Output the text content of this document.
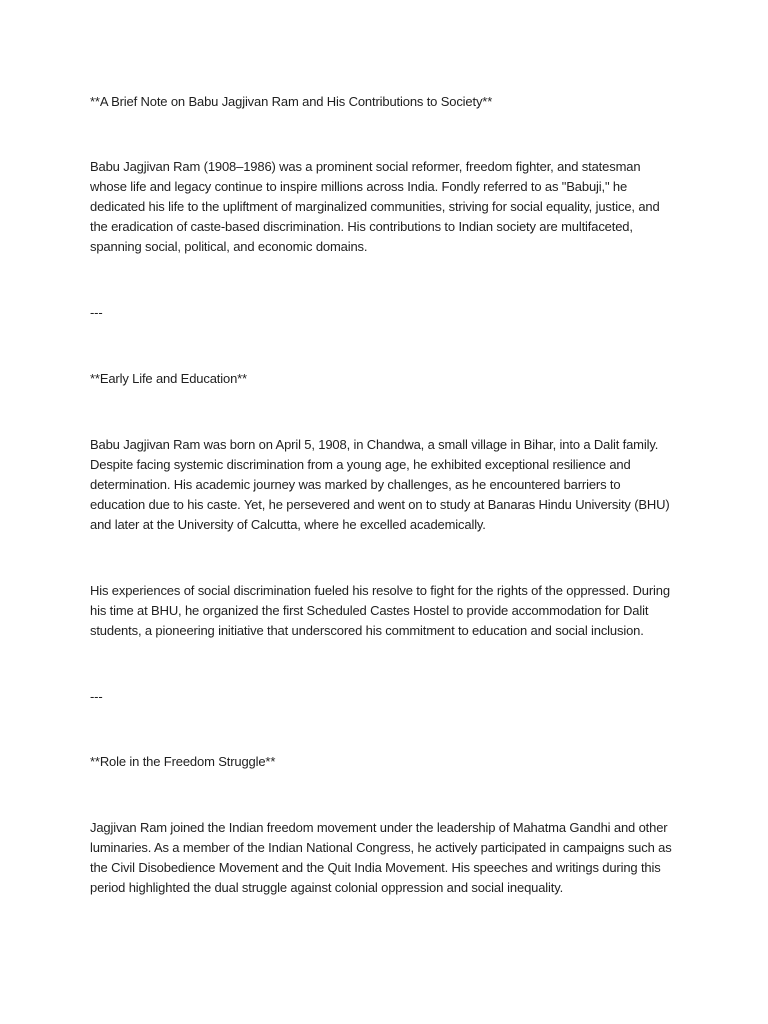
**A Brief Note on Babu Jagjivan Ram and His Contributions to Society**

Babu Jagjivan Ram (1908–1986) was a prominent social reformer, freedom fighter, and statesman
whose life and legacy continue to inspire millions across India. Fondly referred to as "Babuji," he
dedicated his life to the upliftment of marginalized communities, striving for social equality, justice, and
the eradication of caste-based discrimination. His contributions to Indian society are multifaceted,
spanning social, political, and economic domains.

---

**Early Life and Education**

Babu Jagjivan Ram was born on April 5, 1908, in Chandwa, a small village in Bihar, into a Dalit family.
Despite facing systemic discrimination from a young age, he exhibited exceptional resilience and
determination. His academic journey was marked by challenges, as he encountered barriers to
education due to his caste. Yet, he persevered and went on to study at Banaras Hindu University (BHU)
and later at the University of Calcutta, where he excelled academically.
His experiences of social discrimination fueled his resolve to fight for the rights of the oppressed. During
his time at BHU, he organized the first Scheduled Castes Hostel to provide accommodation for Dalit
students, a pioneering initiative that underscored his commitment to education and social inclusion.

---

**Role in the Freedom Struggle**

Jagjivan Ram joined the Indian freedom movement under the leadership of Mahatma Gandhi and other
luminaries. As a member of the Indian National Congress, he actively participated in campaigns such as
the Civil Disobedience Movement and the Quit India Movement. His speeches and writings during this
period highlighted the dual struggle against colonial oppression and social inequality.
